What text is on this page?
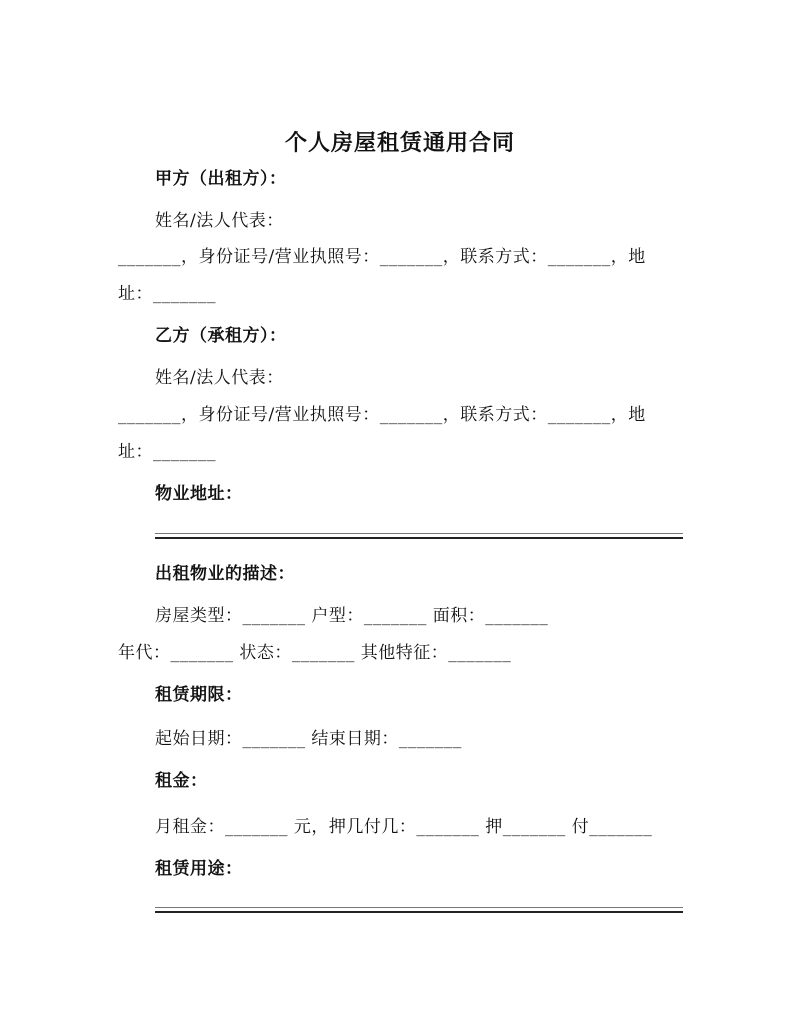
个人房屋租赁通用合同
甲方（出租方）：
姓名/法人代表：
_______，身份证号/营业执照号：_______，联系方式：_______，地
址：_______
乙方（承租方）：
姓名/法人代表：
_______，身份证号/营业执照号：_______，联系方式：_______，地
址：_______
物业地址：
出租物业的描述：
房屋类型：_______ 户型：_______ 面积：_______
年代：_______ 状态：_______ 其他特征：_______
租赁期限：
起始日期：_______ 结束日期：_______
租金：
月租金：_______ 元，押几付几：_______ 押_______ 付_______
租赁用途：
